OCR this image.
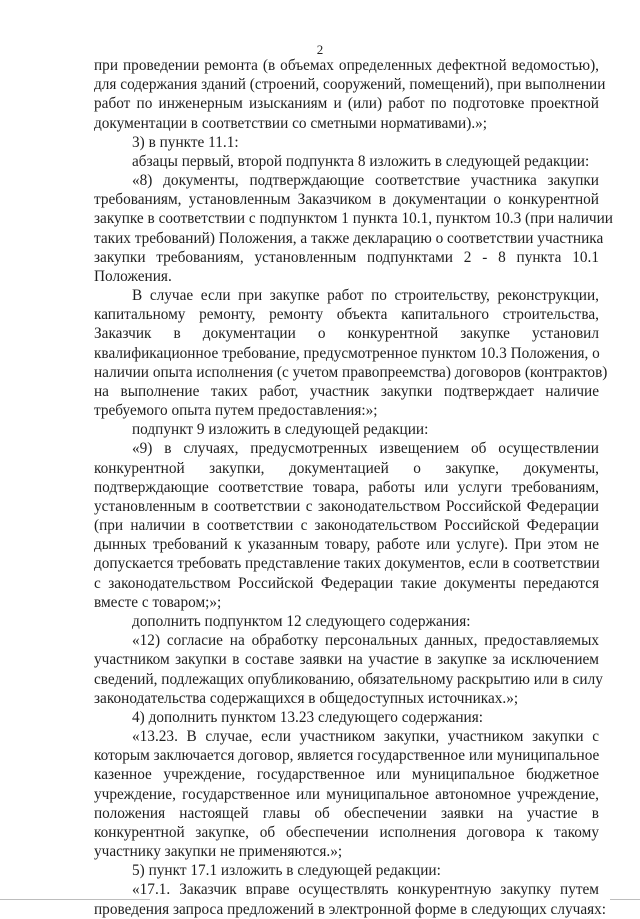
2

при проведении ремонта (в объемах определенных дефектной ведомостью),

для содержания зданий (строений, сооружений, помещений), при выполнении

работ по инженерным изысканиям и (или) работ по подготовке проектной

документации в соответствии со сметными нормативами).»;

3) в пункте 11.1:

абзацы первый, второй подпункта 8 изложить в следующей редакции:

«8) документы, подтверждающие соответствие участника закупки

требованиям, установленным Заказчиком в документации о конкурентной

закупке в соответствии с подпунктом 1 пункта 10.1, пунктом 10.3 (при наличии

таких требований) Положения, а также декларацию о соответствии участника

закупки требованиям, установленным подпунктами 2 - 8 пункта 10.1

Положения.

В случае если при закупке работ по строительству, реконструкции,

капитальному ремонту, ремонту объекта капитального строительства,

Заказчик в документации о конкурентной закупке установил

квалификационное требование, предусмотренное пунктом 10.3 Положения, о

наличии опыта исполнения (с учетом правопреемства) договоров (контрактов)

на выполнение таких работ, участник закупки подтверждает наличие

требуемого опыта путем предоставления:»;

подпункт 9 изложить в следующей редакции:

«9) в случаях, предусмотренных извещением об осуществлении

конкурентной закупки, документацией о закупке, документы,

подтверждающие соответствие товара, работы или услуги требованиям,

установленным в соответствии с законодательством Российской Федерации

(при наличии в соответствии с законодательством Российской Федерации

дынных требований к указанным товару, работе или услуге). При этом не

допускается требовать представление таких документов, если в соответствии

с законодательством Российской Федерации такие документы передаются

вместе с товаром;»;

дополнить подпунктом 12 следующего содержания:

«12) согласие на обработку персональных данных, предоставляемых

участником закупки в составе заявки на участие в закупке за исключением

сведений, подлежащих опубликованию, обязательному раскрытию или в силу

законодательства содержащихся в общедоступных источниках.»;

4) дополнить пунктом 13.23 следующего содержания:

«13.23. В случае, если участником закупки, участником закупки с

которым заключается договор, является государственное или муниципальное

казенное учреждение, государственное или муниципальное бюджетное

учреждение, государственное или муниципальное автономное учреждение,

положения настоящей главы об обеспечении заявки на участие в

конкурентной закупке, об обеспечении исполнения договора к такому

участнику закупки не применяются.»;

5) пункт 17.1 изложить в следующей редакции:

«17.1. Заказчик вправе осуществлять конкурентную закупку путем

проведения запроса предложений в электронной форме в следующих случаях:
